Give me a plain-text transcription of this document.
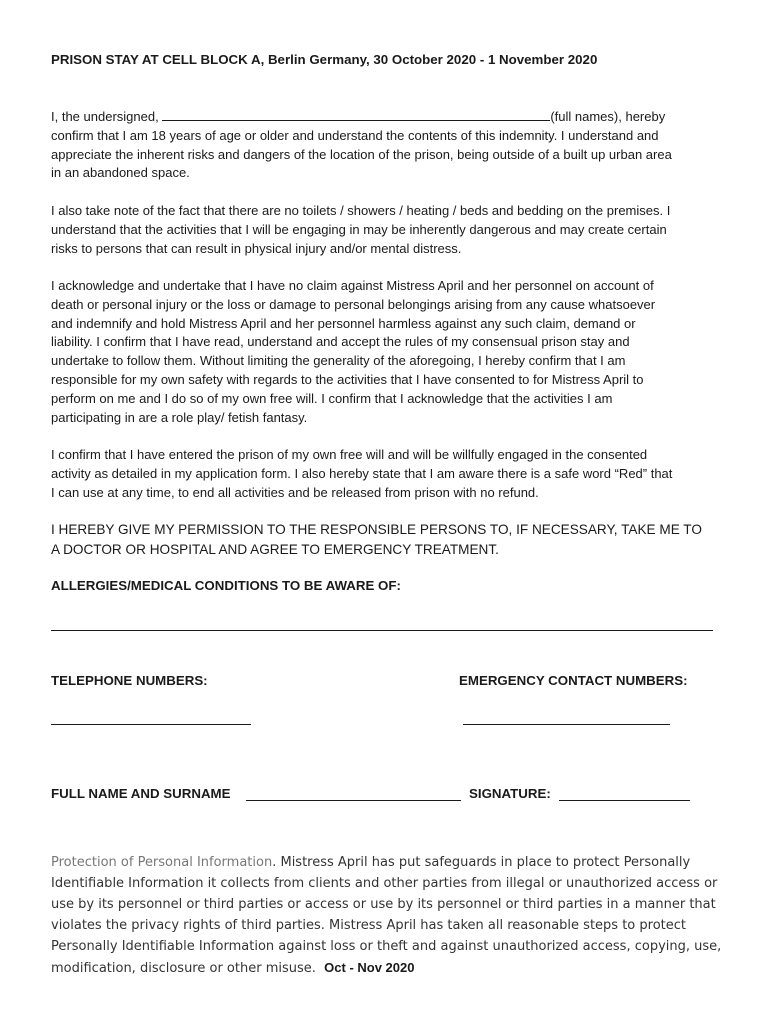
PRISON STAY AT CELL BLOCK A, Berlin Germany, 30 October 2020 - 1 November 2020
I, the undersigned,	(full names), hereby
confirm that I am 18 years of age or older and understand the contents of this indemnity. I understand and
appreciate the inherent risks and dangers of the location of the prison, being outside of a built up urban area
in an abandoned space.
I also take note of the fact that there are no toilets / showers / heating / beds and bedding on the premises. I
understand that the activities that I will be engaging in may be inherently dangerous and may create certain
risks to persons that can result in physical injury and/or mental distress.
I acknowledge and undertake that I have no claim against Mistress April and her personnel on account of
death or personal injury or the loss or damage to personal belongings arising from any cause whatsoever
and indemnify and hold Mistress April and her personnel harmless against any such claim, demand or
liability. I confirm that I have read, understand and accept the rules of my consensual prison stay and
undertake to follow them. Without limiting the generality of the aforegoing, I hereby confirm that I am
responsible for my own safety with regards to the activities that I have consented to for Mistress April to
perform on me and I do so of my own free will. I confirm that I acknowledge that the activities I am
participating in are a role play/ fetish fantasy.
I confirm that I have entered the prison of my own free will and will be willfully engaged in the consented
activity as detailed in my application form. I also hereby state that I am aware there is a safe word “Red” that
I can use at any time, to end all activities and be released from prison with no refund.
I HEREBY GIVE MY PERMISSION TO THE RESPONSIBLE PERSONS TO, IF NECESSARY, TAKE ME TO
A DOCTOR OR HOSPITAL AND AGREE TO EMERGENCY TREATMENT.
ALLERGIES/MEDICAL CONDITIONS TO BE AWARE OF:
TELEPHONE NUMBERS:	EMERGENCY CONTACT NUMBERS:
FULL NAME AND SURNAME	SIGNATURE:
Protection of Personal Information. Mistress April has put safeguards in place to protect Personally Identifiable Information it collects from clients and other parties from illegal or unauthorized access or use by its personnel or third parties or access or use by its personnel or third parties in a manner that violates the privacy rights of third parties. Mistress April has taken all reasonable steps to protect Personally Identifiable Information against loss or theft and against unauthorized access, copying, use, modification, disclosure or other misuse. Oct - Nov 2020
